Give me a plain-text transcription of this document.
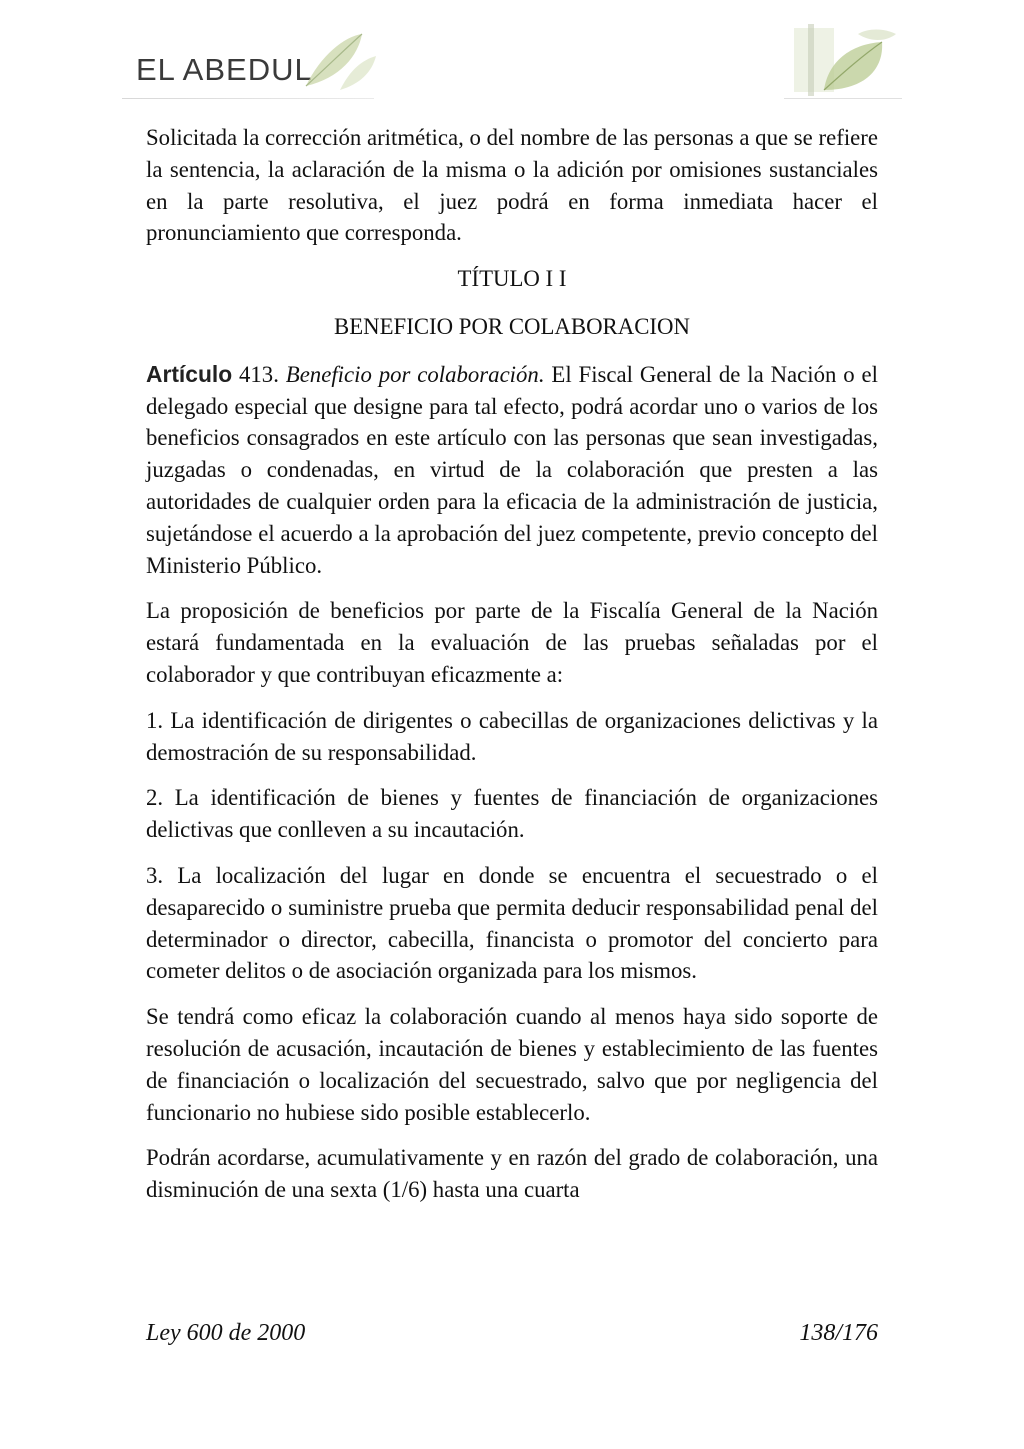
EL ABEDUL

Solicitada la corrección aritmética, o del nombre de las personas a que se refiere la sentencia, la aclaración de la misma o la adición por omisiones sustanciales en la parte resolutiva, el juez podrá en forma inmediata hacer el pronunciamiento que corresponda.

TÍTULO I I

BENEFICIO POR COLABORACION

Artículo 413. Beneficio por colaboración. El Fiscal General de la Nación o el delegado especial que designe para tal efecto, podrá acordar uno o varios de los beneficios consagrados en este artículo con las personas que sean investigadas, juzgadas o condenadas, en virtud de la colaboración que presten a las autoridades de cualquier orden para la eficacia de la administración de justicia, sujetándose el acuerdo a la aprobación del juez competente, previo concepto del Ministerio Público.

La proposición de beneficios por parte de la Fiscalía General de la Nación estará fundamentada en la evaluación de las pruebas señaladas por el colaborador y que contribuyan eficazmente a:

1. La identificación de dirigentes o cabecillas de organizaciones delictivas y la demostración de su responsabilidad.

2. La identificación de bienes y fuentes de financiación de organizaciones delictivas que conlleven a su incautación.

3. La localización del lugar en donde se encuentra el secuestrado o el desaparecido o suministre prueba que permita deducir responsabilidad penal del determinador o director, cabecilla, financista o promotor del concierto para cometer delitos o de asociación organizada para los mismos.

Se tendrá como eficaz la colaboración cuando al menos haya sido soporte de resolución de acusación, incautación de bienes y establecimiento de las fuentes de financiación o localización del secuestrado, salvo que por negligencia del funcionario no hubiese sido posible establecerlo.

Podrán acordarse, acumulativamente y en razón del grado de colaboración, una disminución de una sexta (1/6) hasta una cuarta

Ley 600 de 2000	138/176
